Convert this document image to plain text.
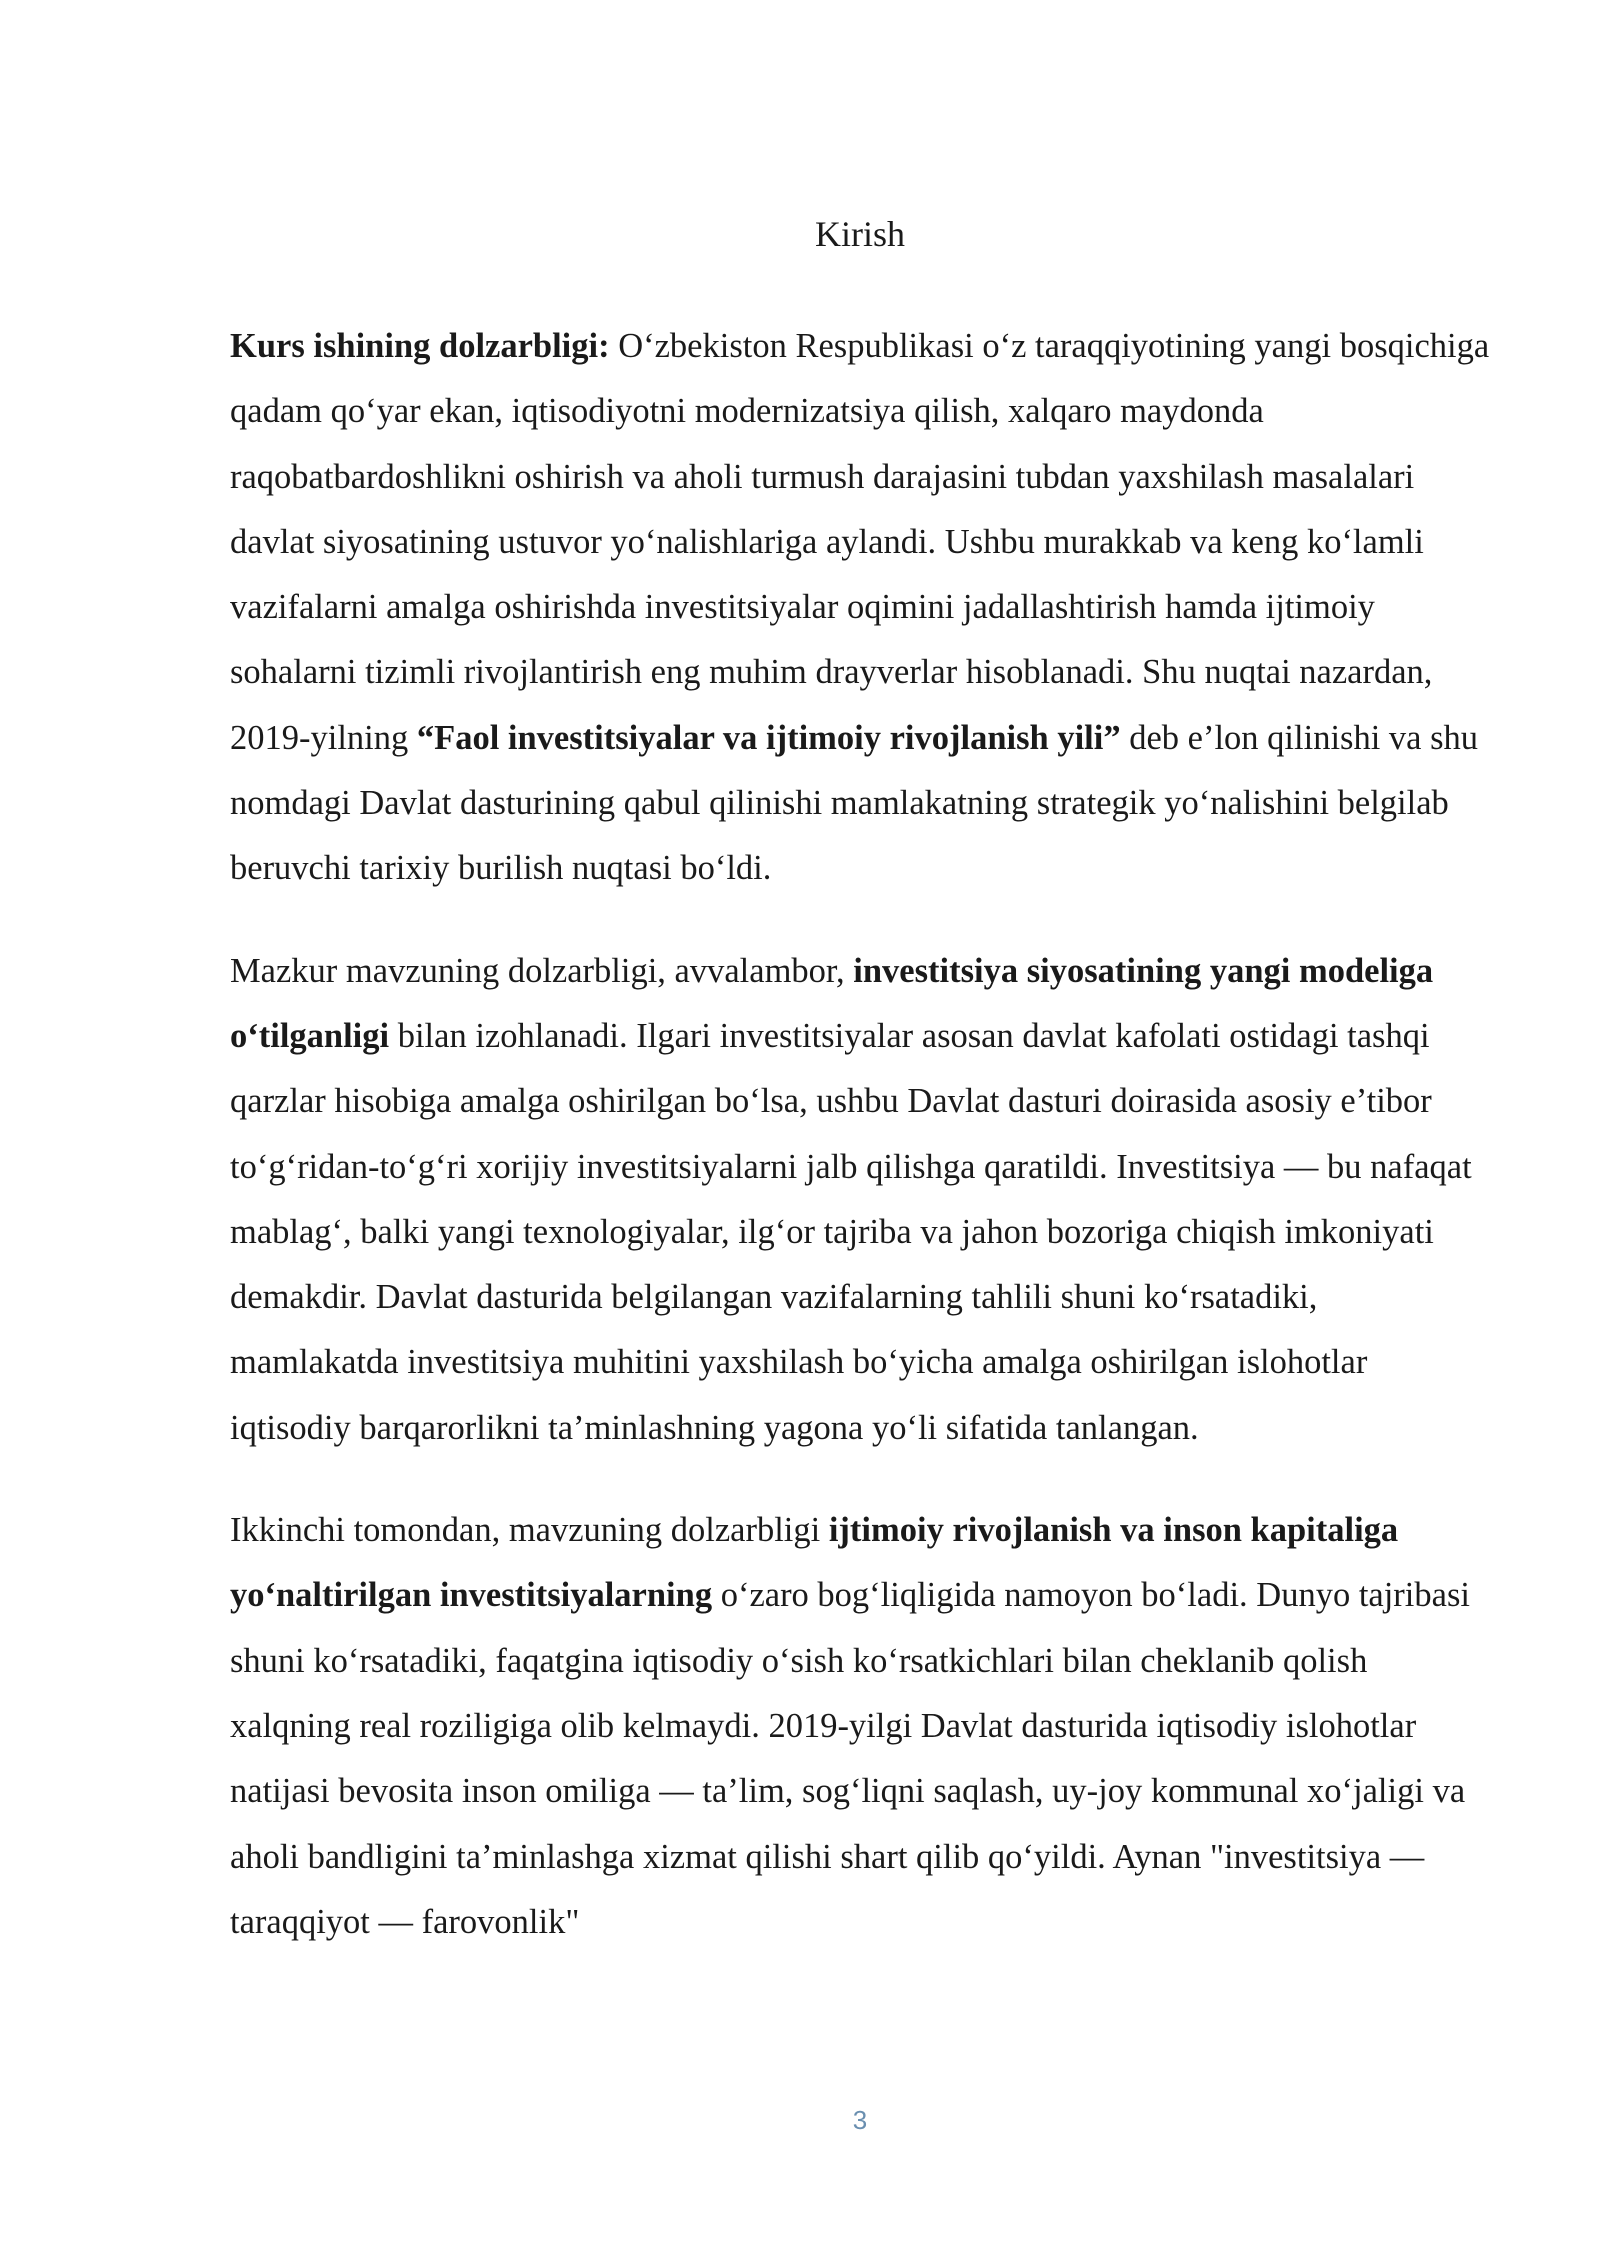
Kirish

Kurs ishining dolzarbligi: O‘zbekiston Respublikasi o‘z taraqqiyotining yangi bosqichiga qadam qo‘yar ekan, iqtisodiyotni modernizatsiya qilish, xalqaro maydonda raqobatbardoshlikni oshirish va aholi turmush darajasini tubdan yaxshilash masalalari davlat siyosatining ustuvor yo‘nalishlariga aylandi. Ushbu murakkab va keng ko‘lamli vazifalarni amalga oshirishda investitsiyalar oqimini jadallashtirish hamda ijtimoiy sohalarni tizimli rivojlantirish eng muhim drayverlar hisoblanadi. Shu nuqtai nazardan, 2019-yilning “Faol investitsiyalar va ijtimoiy rivojlanish yili” deb e’lon qilinishi va shu nomdagi Davlat dasturining qabul qilinishi mamlakatning strategik yo‘nalishini belgilab beruvchi tarixiy burilish nuqtasi bo‘ldi.

Mazkur mavzuning dolzarbligi, avvalambor, investitsiya siyosatining yangi modeliga o‘tilganligi bilan izohlanadi. Ilgari investitsiyalar asosan davlat kafolati ostidagi tashqi qarzlar hisobiga amalga oshirilgan bo‘lsa, ushbu Davlat dasturi doirasida asosiy e’tibor to‘g‘ridan-to‘g‘ri xorijiy investitsiyalarni jalb qilishga qaratildi. Investitsiya — bu nafaqat mablag‘, balki yangi texnologiyalar, ilg‘or tajriba va jahon bozoriga chiqish imkoniyati demakdir. Davlat dasturida belgilangan vazifalarning tahlili shuni ko‘rsatadiki, mamlakatda investitsiya muhitini yaxshilash bo‘yicha amalga oshirilgan islohotlar iqtisodiy barqarorlikni ta’minlashning yagona yo‘li sifatida tanlangan.

Ikkinchi tomondan, mavzuning dolzarbligi ijtimoiy rivojlanish va inson kapitaliga yo‘naltirilgan investitsiyalarning o‘zaro bog‘liqligida namoyon bo‘ladi. Dunyo tajribasi shuni ko‘rsatadiki, faqatgina iqtisodiy o‘sish ko‘rsatkichlari bilan cheklanib qolish xalqning real roziligiga olib kelmaydi. 2019-yilgi Davlat dasturida iqtisodiy islohotlar natijasi bevosita inson omiliga — ta’lim, sog‘liqni saqlash, uy-joy kommunal xo‘jaligi va aholi bandligini ta’minlashga xizmat qilishi shart qilib qo‘yildi. Aynan "investitsiya — taraqqiyot — farovonlik"

3
